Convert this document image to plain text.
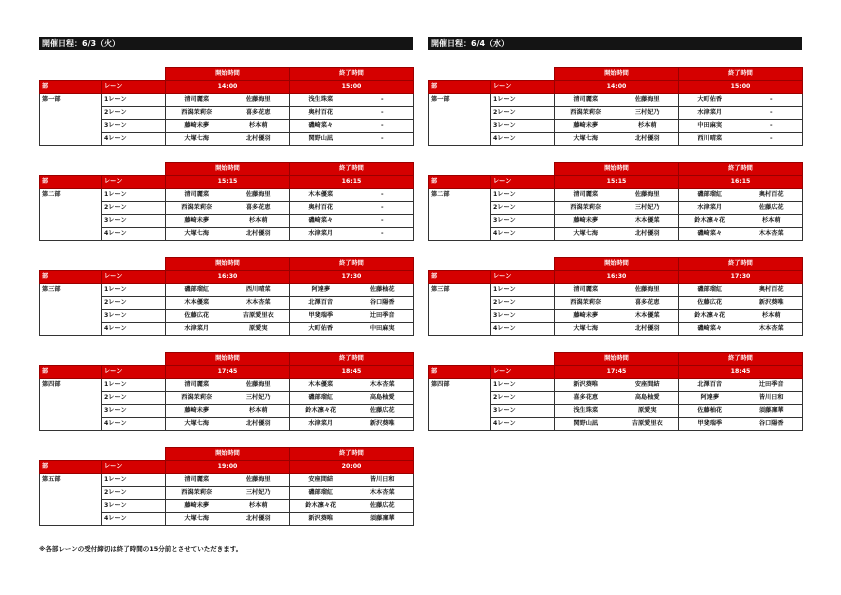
開催日程：6/3（火）	開催日程：6/4（水）
		開始時間		終了時間	
部	レーン	14:00		15:00	
第一部	1レーン	清司麗菜	佐藤海里	浅生珠菜	-
	2レーン	西潟茉莉奈	喜多花恵	奥村百花	-
	3レーン	藤崎未夢	杉本萌	磯崎菜々	-
	4レーン	大塚七海	北村優羽	関野山凪	-
		開始時間		終了時間	
部	レーン	15:15		16:15	
第二部	1レーン	清司麗菜	佐藤海里	木本優菜	-
	2レーン	西潟茉莉奈	喜多花恵	奥村百花	-
	3レーン	藤崎未夢	杉本萌	磯崎菜々	-
	4レーン	大塚七海	北村優羽	水津菜月	-
		開始時間		終了時間	
部	レーン	16:30		17:30	
第三部	1レーン	磯部瑠紅	西川晴菜	阿達夢	佐藤柚花
	2レーン	木本優菜	木本杏菜	北澤百音	谷口陽香
	3レーン	佐藤広花	吉原愛里衣	甲斐瑞季	辻田季音
	4レーン	水津菜月	原愛実	大町佑香	中田麻実
		開始時間		終了時間	
部	レーン	17:45		18:45	
第四部	1レーン	清司麗菜	佐藤海里	木本優菜	木本杏菜
	2レーン	西潟茉莉奈	三村妃乃	磯部瑠紅	高島柚愛
	3レーン	藤崎未夢	杉本萌	鈴木凛々花	佐藤広花
	4レーン	大塚七海	北村優羽	水津菜月	新沢葵唯
		開始時間		終了時間	
部	レーン	19:00		20:00	
第五部	1レーン	清司麗菜	佐藤海里	安座間結	皆川日和
	2レーン	西潟茉莉奈	三村妃乃	磯部瑠紅	木本杏菜
	3レーン	藤崎未夢	杉本萌	鈴木凛々花	佐藤広花
	4レーン	大塚七海	北村優羽	新沢葵唯	須藤凜華
		開始時間		終了時間	
部	レーン	14:00		15:00	
第一部	1レーン	清司麗菜	佐藤海里	大町佑香	-
	2レーン	西潟茉莉奈	三村妃乃	水津菜月	-
	3レーン	藤崎未夢	杉本萌	中田麻実	-
	4レーン	大塚七海	北村優羽	西川晴菜	-
		開始時間		終了時間	
部	レーン	15:15		16:15	
第二部	1レーン	清司麗菜	佐藤海里	磯部瑠紅	奥村百花
	2レーン	西潟茉莉奈	三村妃乃	水津菜月	佐藤広花
	3レーン	藤崎未夢	木本優菜	鈴木凛々花	杉本萌
	4レーン	大塚七海	北村優羽	磯崎菜々	木本杏菜
		開始時間		終了時間	
部	レーン	16:30		17:30	
第三部	1レーン	清司麗菜	佐藤海里	磯部瑠紅	奥村百花
	2レーン	西潟茉莉奈	喜多花恵	佐藤広花	新沢葵唯
	3レーン	藤崎未夢	木本優菜	鈴木凛々花	杉本萌
	4レーン	大塚七海	北村優羽	磯崎菜々	木本杏菜
		開始時間		終了時間	
部	レーン	17:45		18:45	
第四部	1レーン	新沢葵唯	安座間結	北澤百音	辻田季音
	2レーン	喜多花恵	高島柚愛	阿達夢	皆川日和
	3レーン	浅生珠菜	原愛実	佐藤柚花	須藤凜華
	4レーン	関野山凪	吉原愛里衣	甲斐瑞季	谷口陽香
※各部レーンの受付締切は終了時間の15分前とさせていただきます。
